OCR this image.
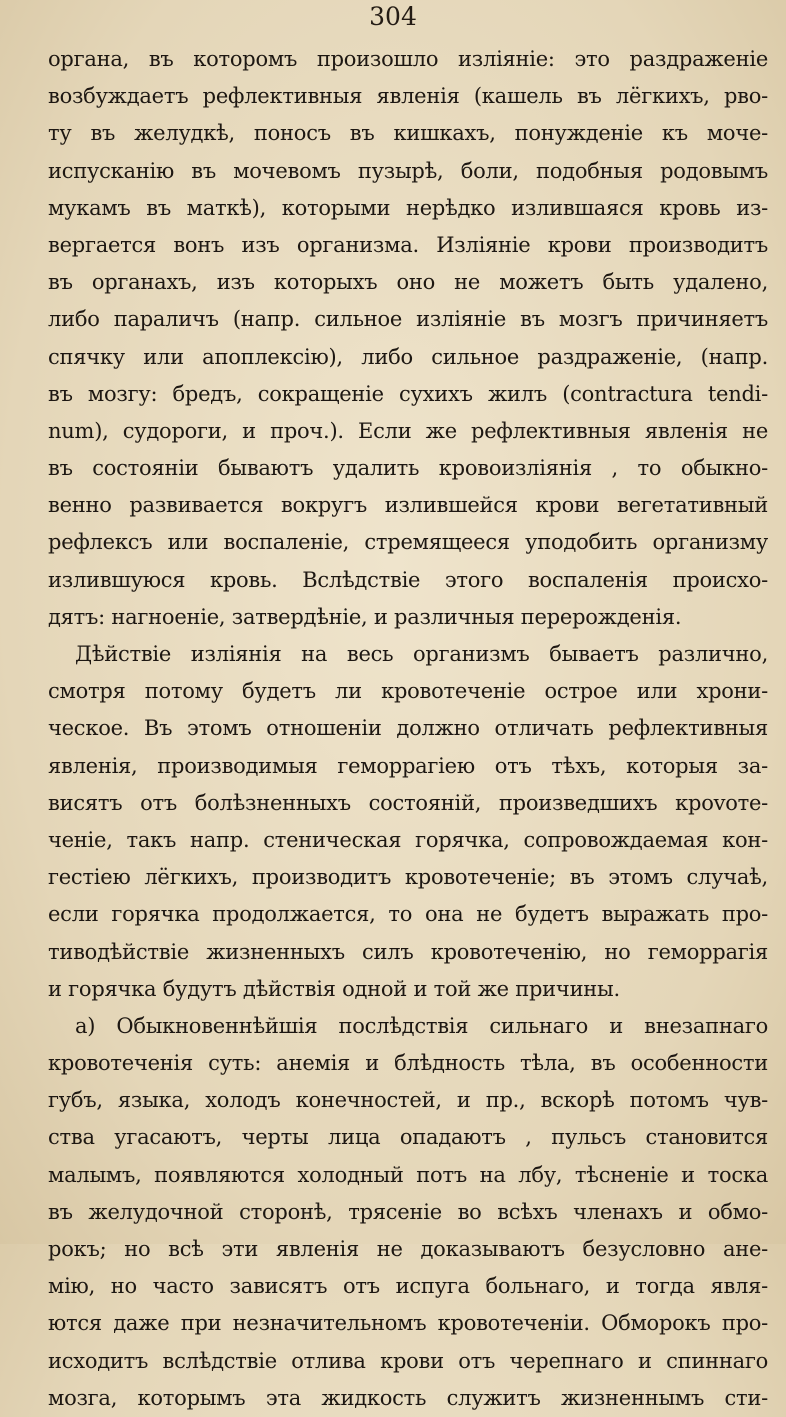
304
органа, въ которомъ произошло изліяніе: это раздраженіе
возбуждаетъ рефлективныя явленія (кашель въ лёгкихъ, рво-
ту въ желудкѣ, поносъ въ кишкахъ, понужденіе къ моче-
испусканію въ мочевомъ пузырѣ, боли, подобныя родовымъ
мукамъ въ маткѣ), которыми нерѣдко излившаяся кровь из-
вергается вонъ изъ организма. Изліяніе крови производитъ
въ органахъ, изъ которыхъ оно не можетъ быть удалено,
либо параличъ (напр. сильное изліяніе въ мозгъ причиняетъ
спячку или апоплексію), либо сильное раздраженіе, (напр.
въ мозгу: бредъ, сокращеніе сухихъ жилъ (contractura tendi-
num), судороги, и проч.). Если же рефлективныя явленія не
въ состояніи бываютъ удалить кровоизліянія , то обыкно-
венно развивается вокругъ излившейся крови вегетативный
рефлексъ или воспаленіе, стремящееся уподобить организму
излившуюся кровь. Вслѣдствіе этого воспаленія происхо-
дятъ: нагноеніе, затвердѣніе, и различныя перерожденія.
Дѣйствіе изліянія на весь организмъ бываетъ различно,
смотря потому будетъ ли кровотеченіе острое или хрони-
ческое. Въ этомъ отношеніи должно отличать рефлективныя
явленія, производимыя геморрагіею отъ тѣхъ, которыя за-
висятъ отъ болѣзненныхъ состояній, произведшихъ крovoте-
ченіе, такъ напр. стеническая горячка, сопровождаемая кон-
гестіею лёгкихъ, производитъ кровотеченіе; въ этомъ случаѣ,
если горячка продолжается, то она не будетъ выражать про-
тиводѣйствіе жизненныхъ силъ кровотеченію, но геморрагія
и горячка будутъ дѣйствія одной и той же причины.
а) Обыкновеннѣйшія послѣдствія сильнаго и внезапнаго
кровотеченія суть: анемія и блѣдность тѣла, въ особенности
губъ, языка, холодъ конечностей, и пр., вскорѣ потомъ чув-
ства угасаютъ, черты лица опадаютъ , пульсъ становится
малымъ, появляются холодный потъ на лбу, тѣсненіе и тоска
въ желудочной сторонѣ, трясеніе во всѣхъ членахъ и обмо-
рокъ; но всѣ эти явленія не доказываютъ безусловно ане-
мію, но часто зависятъ отъ испуга больнаго, и тогда явля-
ются даже при незначительномъ кровотеченіи. Обморокъ про-
исходитъ вслѣдствіе отлива крови отъ черепнаго и спиннаго
мозга, которымъ эта жидкость служитъ жизненнымъ сти-
